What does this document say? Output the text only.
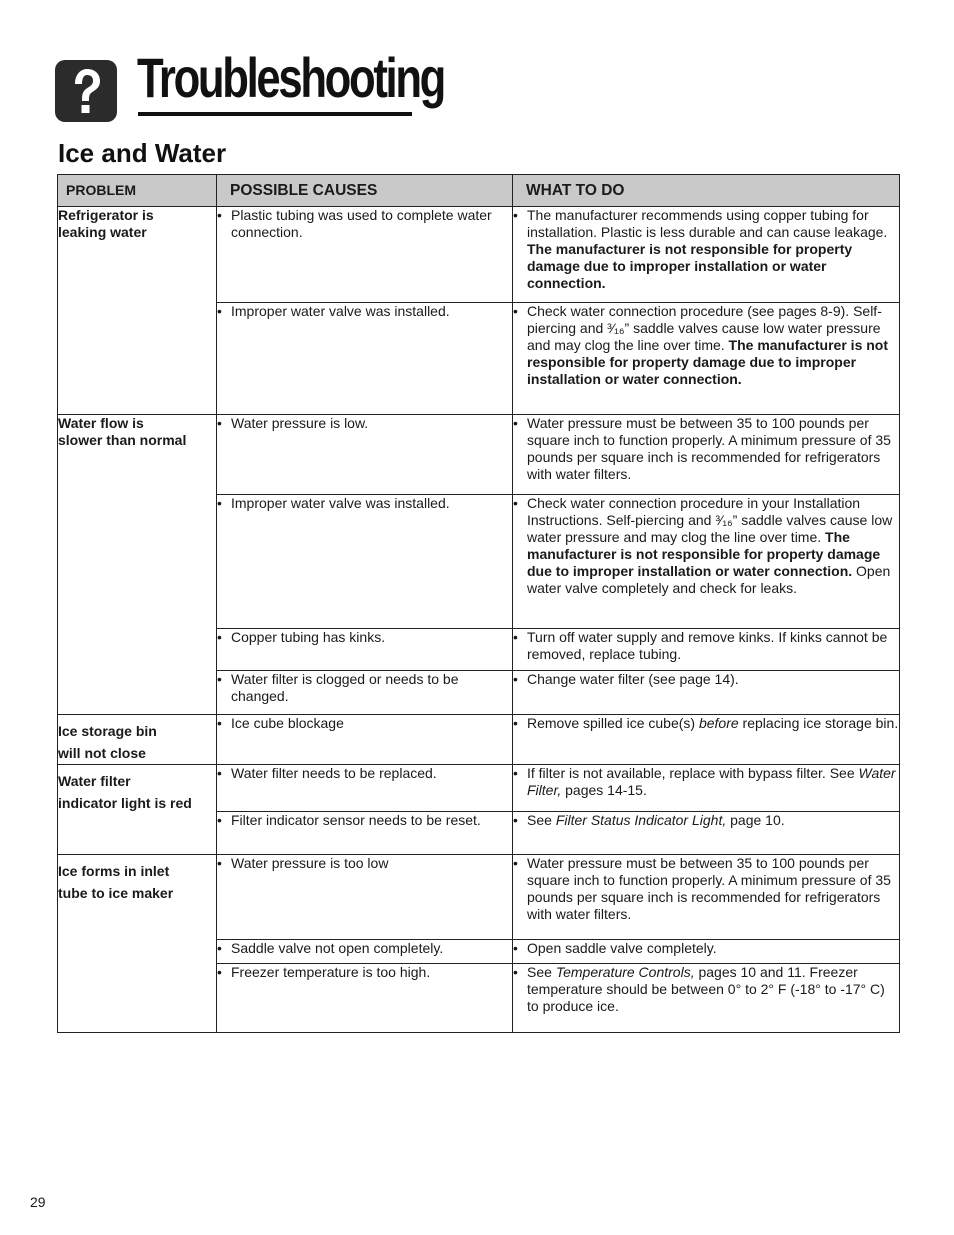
Troubleshooting
Ice and Water
PROBLEM	POSSIBLE CAUSES	WHAT TO DO

Refrigerator is
leaking water	• Plastic tubing was used to complete water connection.	• The manufacturer recommends using copper tubing for installation. Plastic is less durable and can cause leakage. The manufacturer is not responsible for property damage due to improper installation or water connection.

	• Improper water valve was installed.	• Check water connection procedure (see pages 8-9). Self-piercing and ³⁄₁₆” saddle valves cause low water pressure and may clog the line over time. The manufacturer is not responsible for property damage due to improper installation or water connection.

Water flow is
slower than normal	• Water pressure is low.	• Water pressure must be between 35 to 100 pounds per square inch to function properly. A minimum pressure of 35 pounds per square inch is recommended for refrigerators with water filters.

	• Improper water valve was installed.	• Check water connection procedure in your Installation Instructions. Self-piercing and ³⁄₁₆” saddle valves cause low water pressure and may clog the line over time. The manufacturer is not responsible for property damage due to improper installation or water connection. Open water valve completely and check for leaks.

	• Copper tubing has kinks.	• Turn off water supply and remove kinks. If kinks cannot be removed, replace tubing.

	• Water filter is clogged or needs to be changed.	• Change water filter (see page 14).

Ice storage bin
will not close	• Ice cube blockage	• Remove spilled ice cube(s) before replacing ice storage bin.

Water filter
indicator light is red	• Water filter needs to be replaced.	• If filter is not available, replace with bypass filter. See Water Filter, pages 14-15.

	• Filter indicator sensor needs to be reset.	• See Filter Status Indicator Light, page 10.

Ice forms in inlet
tube to ice maker	• Water pressure is too low	• Water pressure must be between 35 to 100 pounds per square inch to function properly. A minimum pressure of 35 pounds per square inch is recommended for refrigerators with water filters.

	• Saddle valve not open completely.	• Open saddle valve completely.

	• Freezer temperature is too high.	• See Temperature Controls, pages 10 and 11. Freezer temperature should be between 0° to 2° F (-18° to -17° C) to produce ice.
29
